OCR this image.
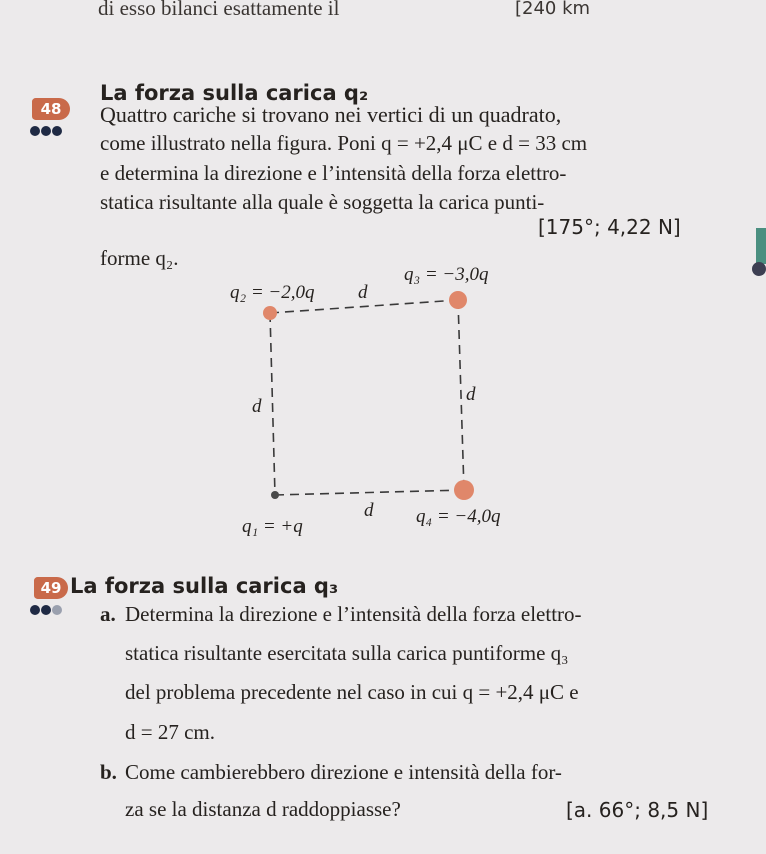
di esso bilanci esattamente il	[240 km
48
La forza sulla carica q₂
Quattro cariche si trovano nei vertici di un quadrato,
come illustrato nella figura. Poni q = +2,4 μC e d = 33 cm
e determina la direzione e l’intensità della forza elettro-
statica risultante alla quale è soggetta la carica punti-
[175°; 4,22 N]
forme q₂.
q₂ = −2,0q d
q₃ = −3,0q
d
d
d
q₁ = +q	q₄ = −4,0q
49 La forza sulla carica q₃
a. Determina la direzione e l’intensità della forza elettro-
statica risultante esercitata sulla carica puntiforme q₃
del problema precedente nel caso in cui q = +2,4 μC e
d = 27 cm.
b. Come cambierebbero direzione e intensità della for-
za se la distanza d raddoppiasse?	[a. 66°; 8,5 N]
